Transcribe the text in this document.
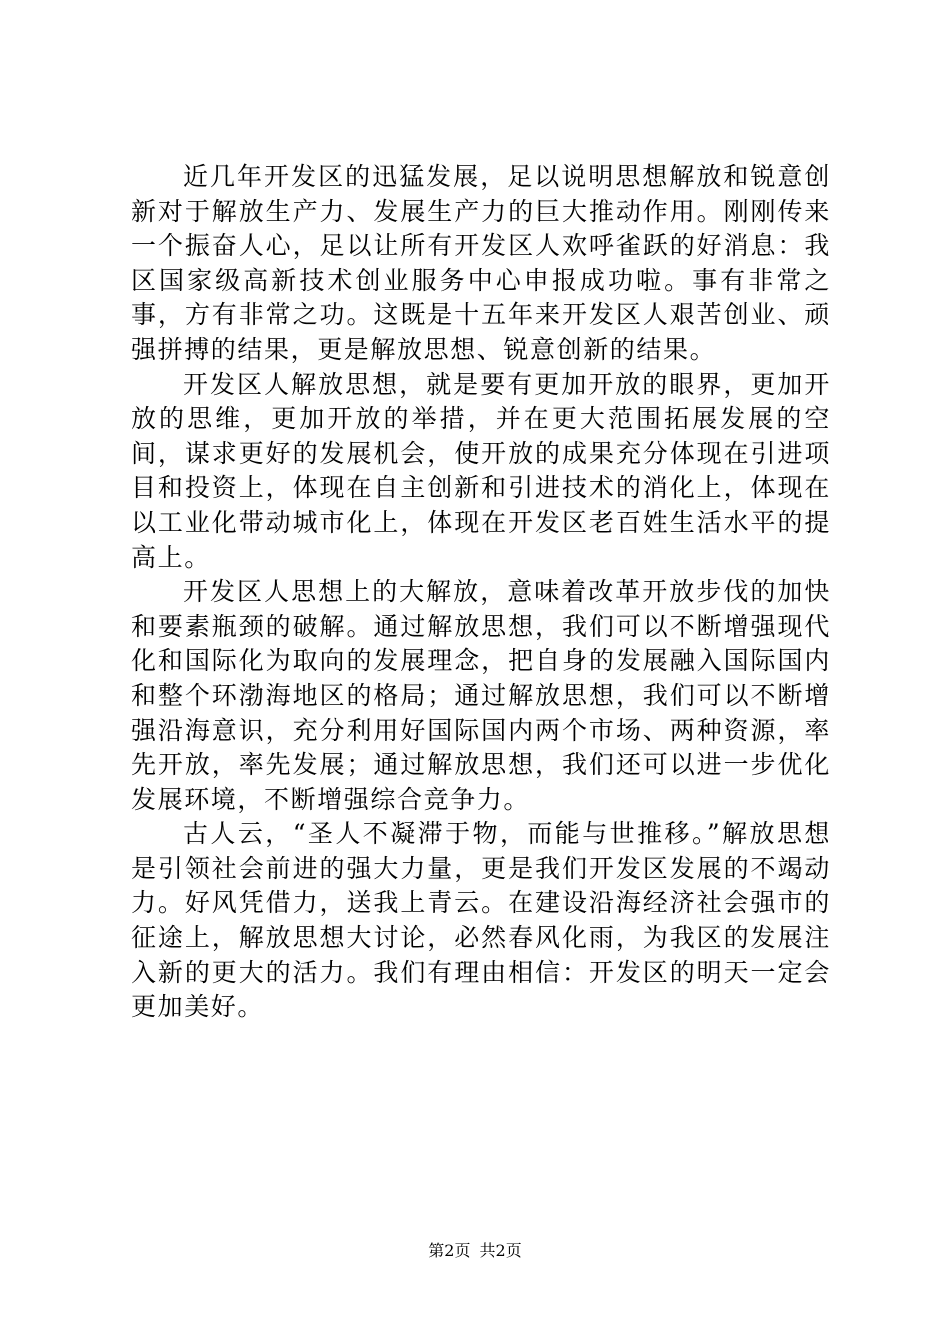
近几年开发区的迅猛发展，足以说明思想解放和锐意创新对于解放生产力、发展生产力的巨大推动作用。刚刚传来一个振奋人心，足以让所有开发区人欢呼雀跃的好消息：我区国家级高新技术创业服务中心申报成功啦。事有非常之事，方有非常之功。这既是十五年来开发区人艰苦创业、顽强拼搏的结果，更是解放思想、锐意创新的结果。

开发区人解放思想，就是要有更加开放的眼界，更加开放的思维，更加开放的举措，并在更大范围拓展发展的空间，谋求更好的发展机会，使开放的成果充分体现在引进项目和投资上，体现在自主创新和引进技术的消化上，体现在以工业化带动城市化上，体现在开发区老百姓生活水平的提高上。

开发区人思想上的大解放，意味着改革开放步伐的加快和要素瓶颈的破解。通过解放思想，我们可以不断增强现代化和国际化为取向的发展理念，把自身的发展融入国际国内和整个环渤海地区的格局；通过解放思想，我们可以不断增强沿海意识，充分利用好国际国内两个市场、两种资源，率先开放，率先发展；通过解放思想，我们还可以进一步优化发展环境，不断增强综合竞争力。

古人云，“圣人不凝滞于物，而能与世推移。”解放思想是引领社会前进的强大力量，更是我们开发区发展的不竭动力。好风凭借力，送我上青云。在建设沿海经济社会强市的征途上，解放思想大讨论，必然春风化雨，为我区的发展注入新的更大的活力。我们有理由相信：开发区的明天一定会更加美好。

第2页 共2页
